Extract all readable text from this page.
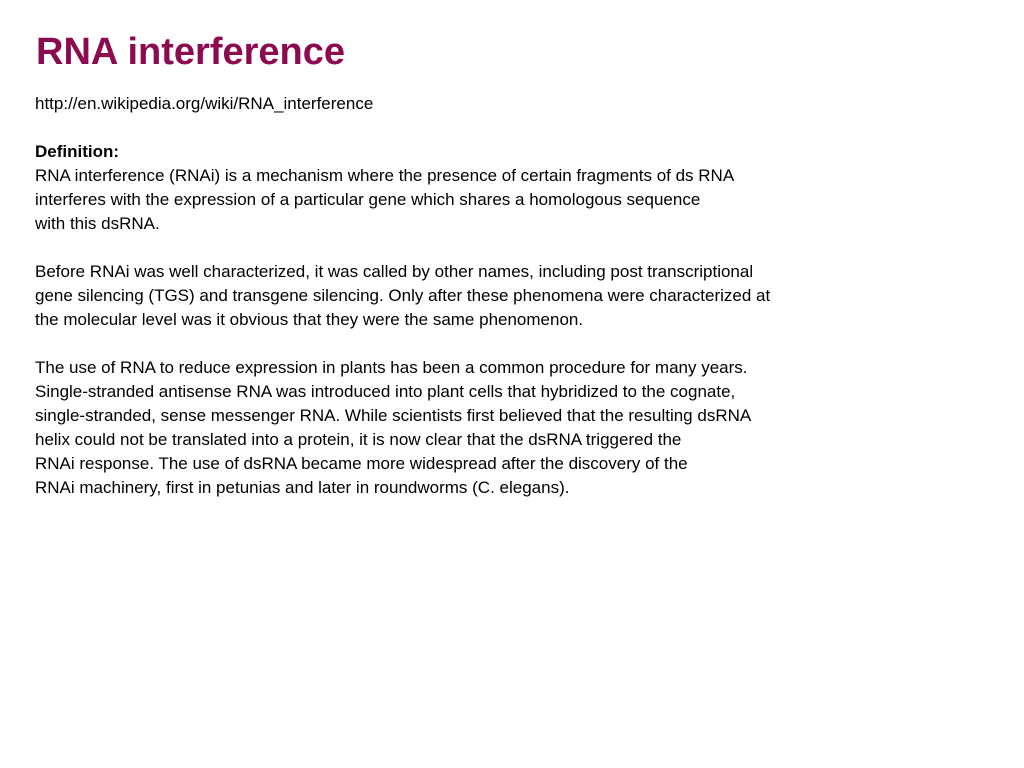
RNA interference
http://en.wikipedia.org/wiki/RNA_interference
Definition:
RNA interference (RNAi) is a mechanism where the presence of certain fragments of ds RNA
interferes with the expression of a particular gene which shares a homologous sequence
with this dsRNA.
Before RNAi was well characterized, it was called by other names, including post transcriptional
gene silencing (TGS) and transgene silencing. Only after these phenomena were characterized at
the molecular level was it obvious that they were the same phenomenon.
The use of RNA to reduce expression in plants has been a common procedure for many years.
Single-stranded antisense RNA was introduced into plant cells that hybridized to the cognate,
single-stranded, sense messenger RNA. While scientists first believed that the resulting dsRNA
helix could not be translated into a protein, it is now clear that the dsRNA triggered the
RNAi response. The use of dsRNA became more widespread after the discovery of the
RNAi machinery, first in petunias and later in roundworms (C. elegans).
